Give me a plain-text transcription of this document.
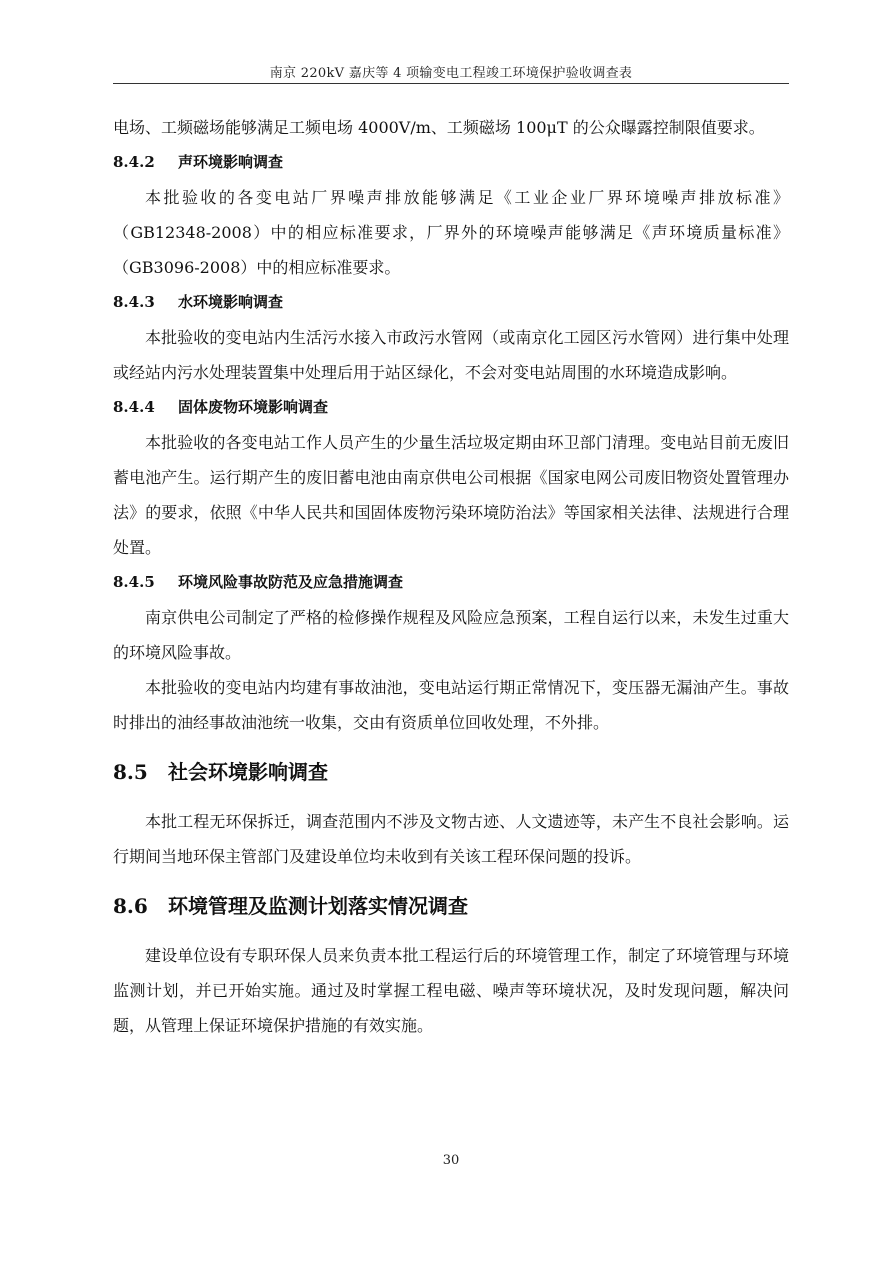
南京 220kV 嘉庆等 4 项输变电工程竣工环境保护验收调查表

电场、工频磁场能够满足工频电场 4000V/m、工频磁场 100μT 的公众曝露控制限值要求。

8.4.2 声环境影响调查

本批验收的各变电站厂界噪声排放能够满足《工业企业厂界环境噪声排放标准》（GB12348-2008）中的相应标准要求，厂界外的环境噪声能够满足《声环境质量标准》（GB3096-2008）中的相应标准要求。

8.4.3 水环境影响调查

本批验收的变电站内生活污水接入市政污水管网（或南京化工园区污水管网）进行集中处理或经站内污水处理装置集中处理后用于站区绿化，不会对变电站周围的水环境造成影响。

8.4.4 固体废物环境影响调查

本批验收的各变电站工作人员产生的少量生活垃圾定期由环卫部门清理。变电站目前无废旧蓄电池产生。运行期产生的废旧蓄电池由南京供电公司根据《国家电网公司废旧物资处置管理办法》的要求，依照《中华人民共和国固体废物污染环境防治法》等国家相关法律、法规进行合理处置。

8.4.5 环境风险事故防范及应急措施调查

南京供电公司制定了严格的检修操作规程及风险应急预案，工程自运行以来，未发生过重大的环境风险事故。

本批验收的变电站内均建有事故油池，变电站运行期正常情况下，变压器无漏油产生。事故时排出的油经事故油池统一收集，交由有资质单位回收处理，不外排。

8.5 社会环境影响调查

本批工程无环保拆迁，调查范围内不涉及文物古迹、人文遗迹等，未产生不良社会影响。运行期间当地环保主管部门及建设单位均未收到有关该工程环保问题的投诉。

8.6 环境管理及监测计划落实情况调查

建设单位设有专职环保人员来负责本批工程运行后的环境管理工作，制定了环境管理与环境监测计划，并已开始实施。通过及时掌握工程电磁、噪声等环境状况，及时发现问题，解决问题，从管理上保证环境保护措施的有效实施。

30
